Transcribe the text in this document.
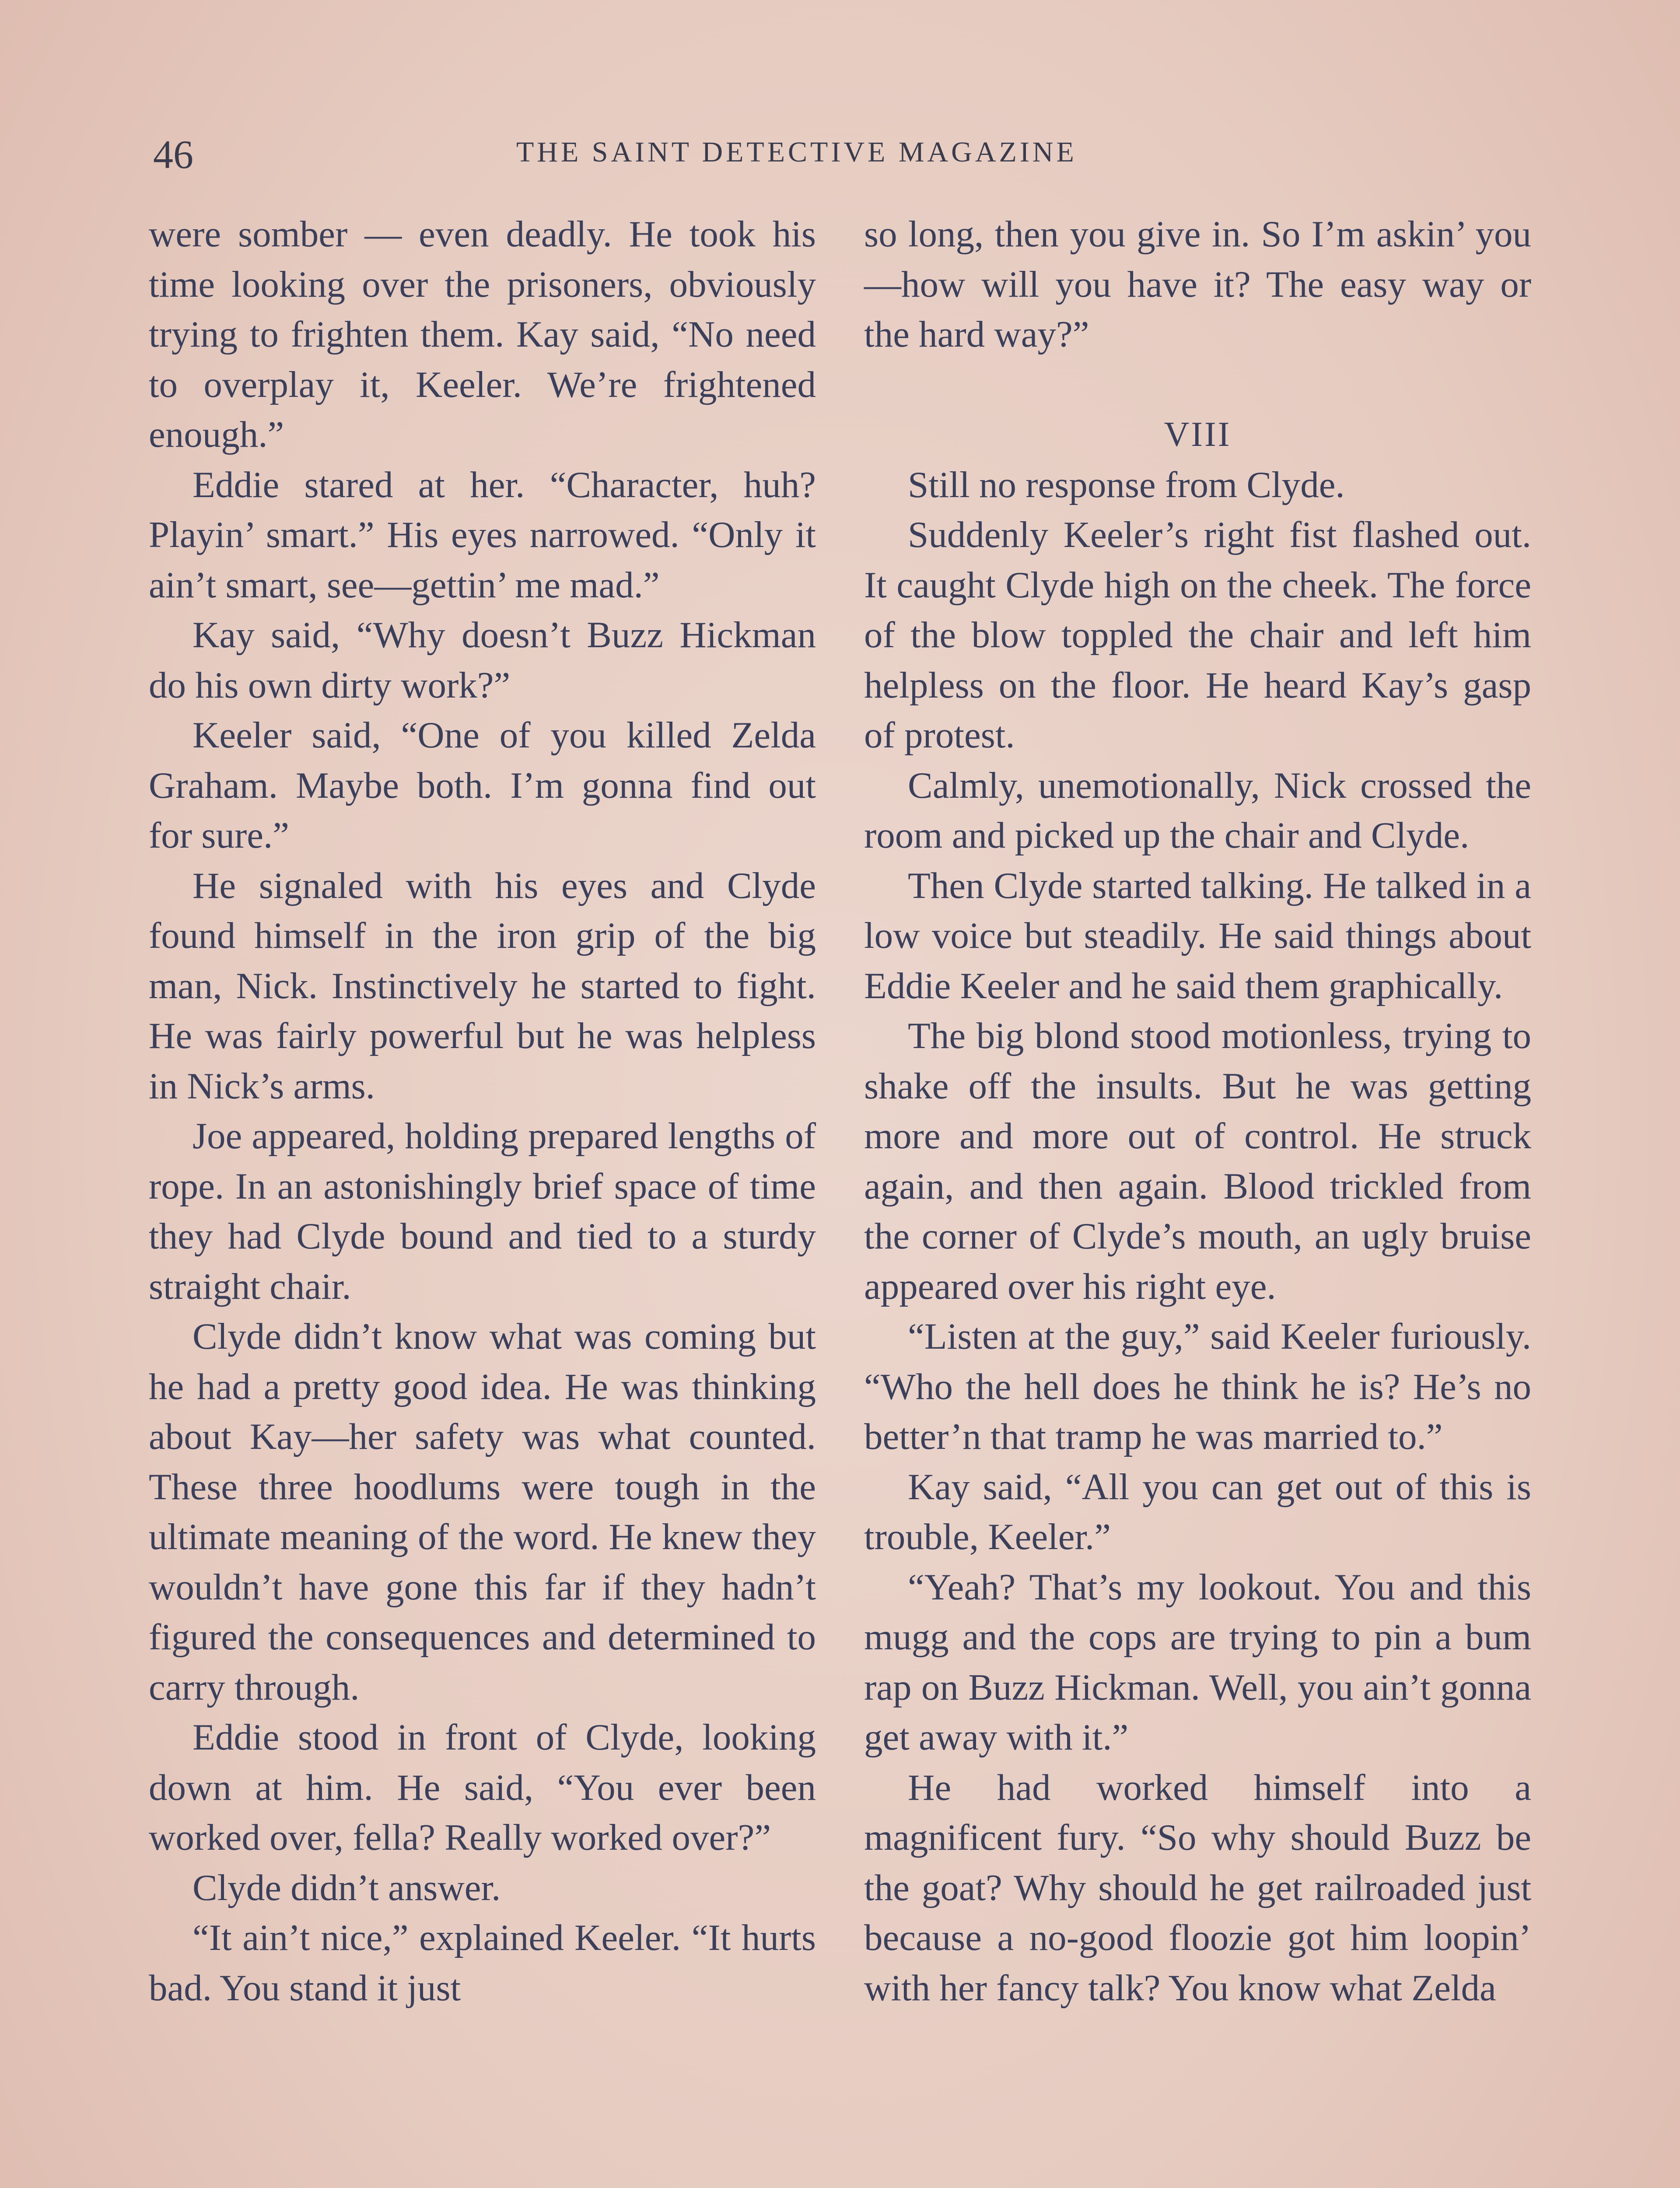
46	THE SAINT DETECTIVE MAGAZINE

were somber — even deadly. He took his time looking over the prisoners, obviously trying to frighten them. Kay said, “No need to overplay it, Keeler. We’re frightened enough.”

Eddie stared at her. “Character, huh? Playin’ smart.” His eyes narrowed. “Only it ain’t smart, see—gettin’ me mad.”

Kay said, “Why doesn’t Buzz Hickman do his own dirty work?”

Keeler said, “One of you killed Zelda Graham. Maybe both. I’m gonna find out for sure.”

He signaled with his eyes and Clyde found himself in the iron grip of the big man, Nick. Instinctively he started to fight. He was fairly powerful but he was helpless in Nick’s arms.

Joe appeared, holding prepared lengths of rope. In an astonishingly brief space of time they had Clyde bound and tied to a sturdy straight chair.

Clyde didn’t know what was coming but he had a pretty good idea. He was thinking about Kay—her safety was what counted. These three hoodlums were tough in the ultimate meaning of the word. He knew they wouldn’t have gone this far if they hadn’t figured the consequences and determined to carry through.

Eddie stood in front of Clyde, looking down at him. He said, “You ever been worked over, fella? Really worked over?”

Clyde didn’t answer.

“It ain’t nice,” explained Keeler. “It hurts bad. You stand it just

so long, then you give in. So I’m askin’ you—how will you have it? The easy way or the hard way?”

VIII

Still no response from Clyde.

Suddenly Keeler’s right fist flashed out. It caught Clyde high on the cheek. The force of the blow toppled the chair and left him helpless on the floor. He heard Kay’s gasp of protest.

Calmly, unemotionally, Nick crossed the room and picked up the chair and Clyde.

Then Clyde started talking. He talked in a low voice but steadily. He said things about Eddie Keeler and he said them graphically.

The big blond stood motionless, trying to shake off the insults. But he was getting more and more out of control. He struck again, and then again. Blood trickled from the corner of Clyde’s mouth, an ugly bruise appeared over his right eye.

“Listen at the guy,” said Keeler furiously. “Who the hell does he think he is? He’s no better’n that tramp he was married to.”

Kay said, “All you can get out of this is trouble, Keeler.”

“Yeah? That’s my lookout. You and this mugg and the cops are trying to pin a bum rap on Buzz Hickman. Well, you ain’t gonna get away with it.”

He had worked himself into a magnificent fury. “So why should Buzz be the goat? Why should he get railroaded just because a no-good floozie got him loopin’ with her fancy talk? You know what Zelda
